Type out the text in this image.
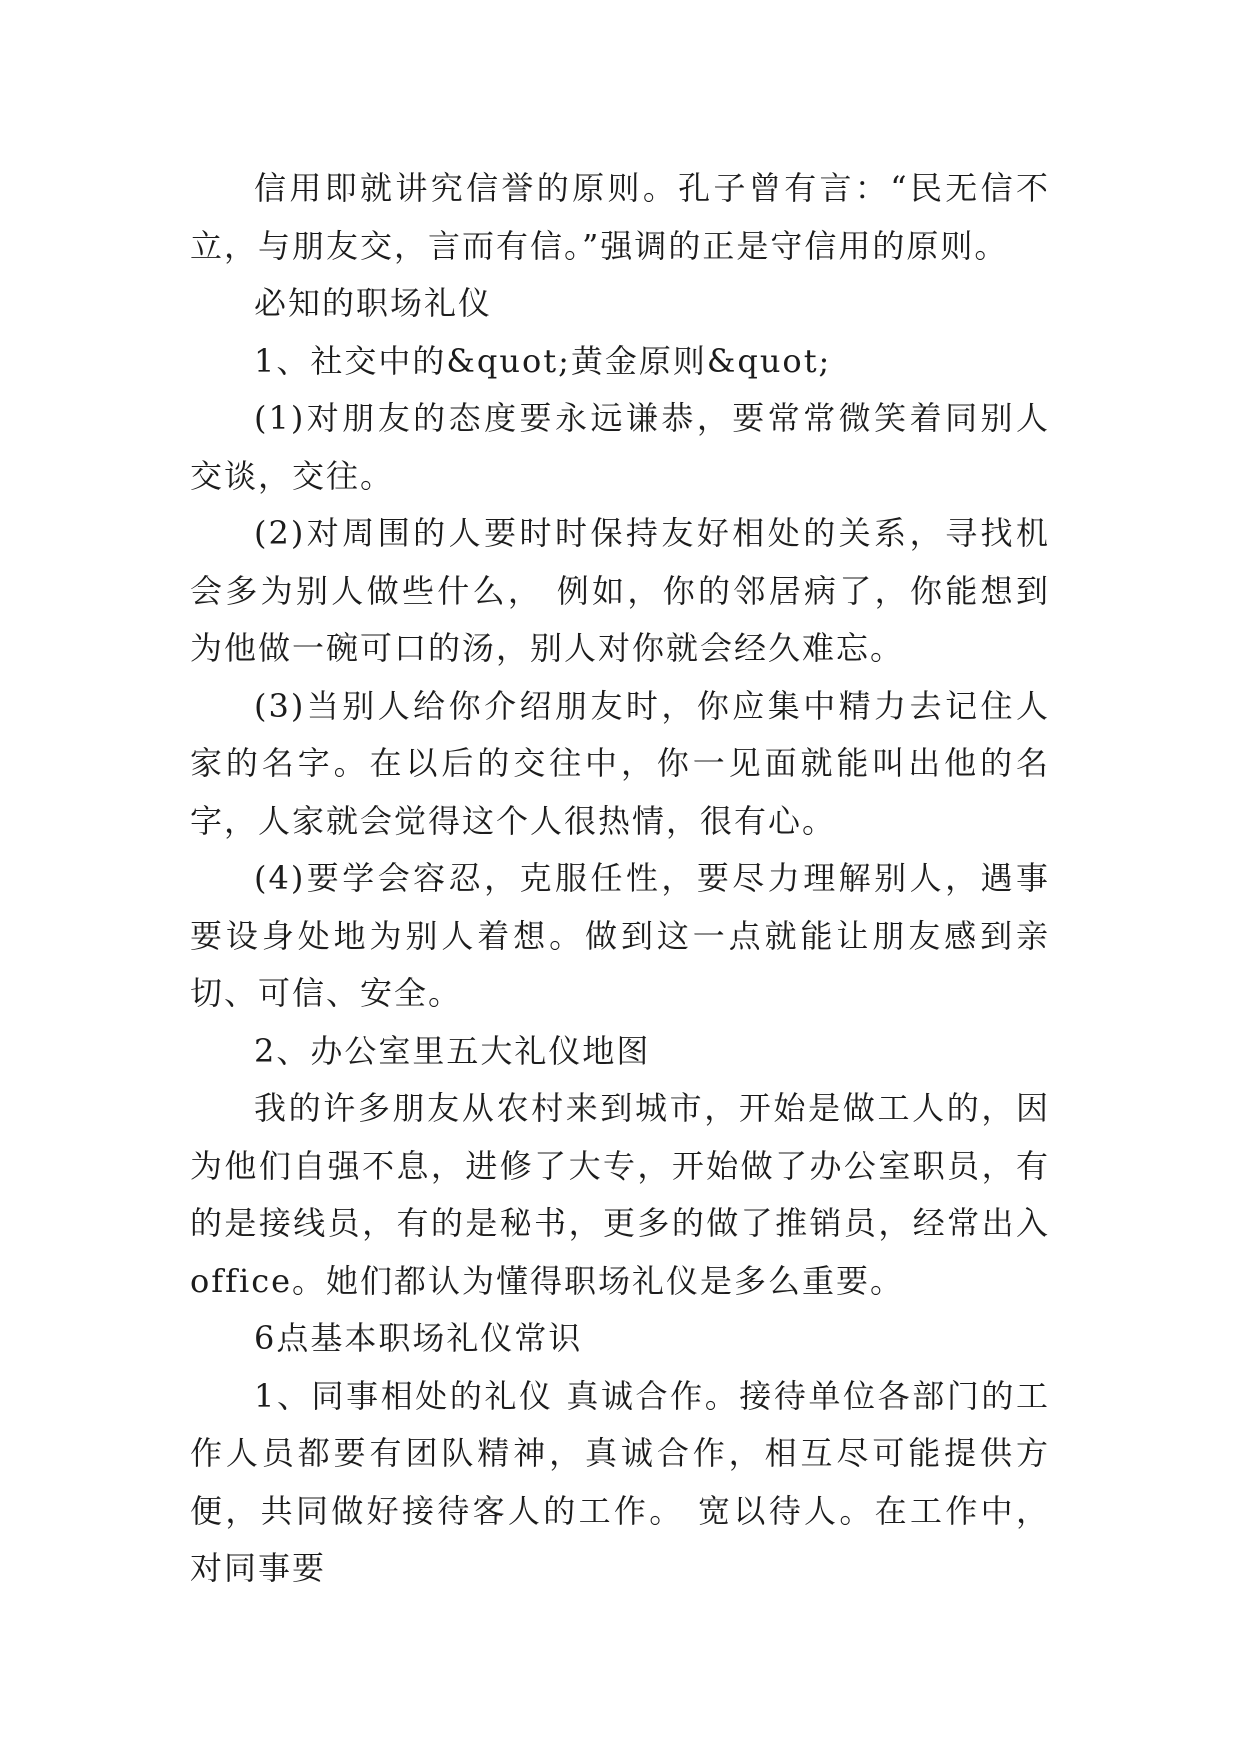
信用即就讲究信誉的原则。孔子曾有言：“民无信不立，与朋友交，言而有信。”强调的正是守信用的原则。

必知的职场礼仪

1、社交中的&quot;黄金原则&quot;

(1)对朋友的态度要永远谦恭，要常常微笑着同别人交谈，交往。

(2)对周围的人要时时保持友好相处的关系，寻找机会多为别人做些什么， 例如，你的邻居病了，你能想到为他做一碗可口的汤，别人对你就会经久难忘。

(3)当别人给你介绍朋友时，你应集中精力去记住人家的名字。在以后的交往中，你一见面就能叫出他的名字，人家就会觉得这个人很热情，很有心。

(4)要学会容忍，克服任性，要尽力理解别人，遇事要设身处地为别人着想。做到这一点就能让朋友感到亲切、可信、安全。

2、办公室里五大礼仪地图

我的许多朋友从农村来到城市，开始是做工人的，因为他们自强不息，进修了大专，开始做了办公室职员，有的是接线员，有的是秘书，更多的做了推销员，经常出入office。她们都认为懂得职场礼仪是多么重要。

6点基本职场礼仪常识

1、同事相处的礼仪 真诚合作。接待单位各部门的工作人员都要有团队精神，真诚合作，相互尽可能提供方便，共同做好接待客人的工作。 宽以待人。在工作中，对同事要
